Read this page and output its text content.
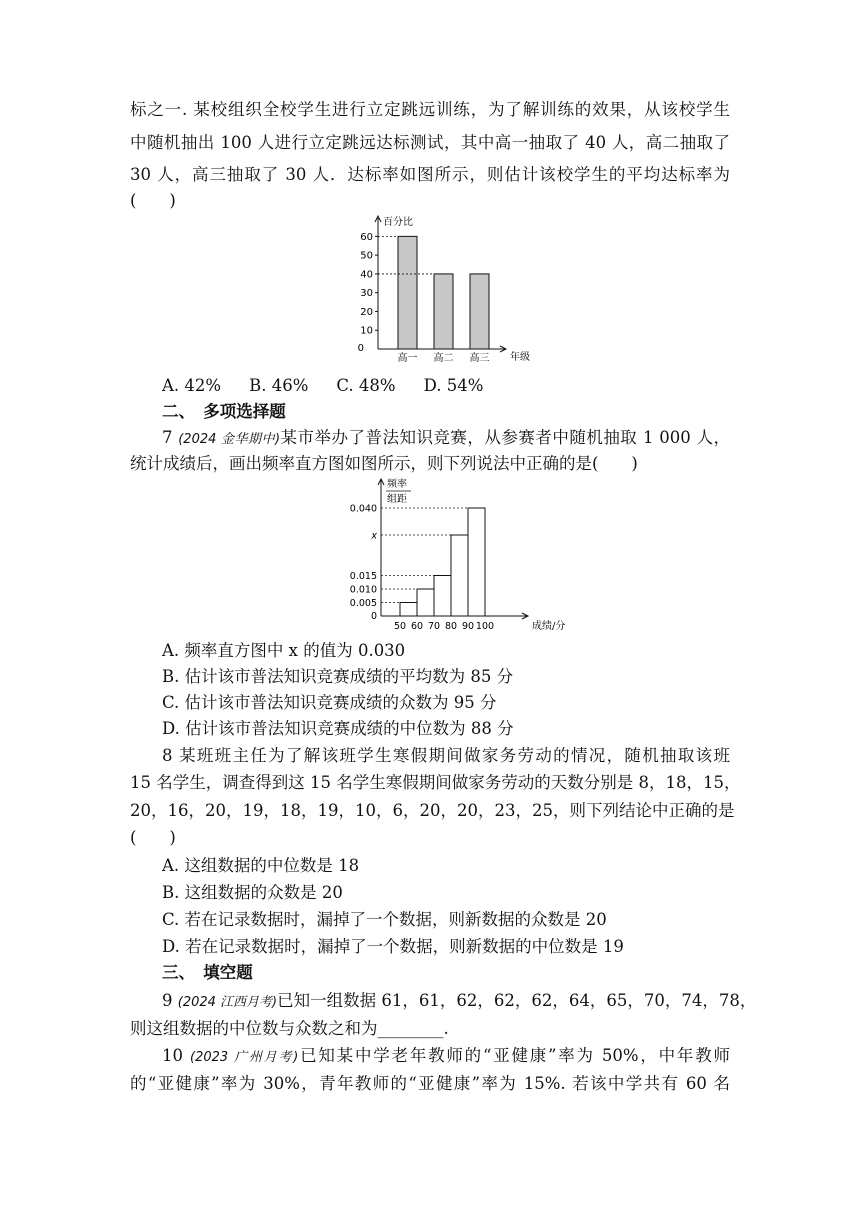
标之一. 某校组织全校学生进行立定跳远训练，为了解训练的效果，从该校学生
中随机抽出 100 人进行立定跳远达标测试，其中高一抽取了 40 人，高二抽取了
30 人，高三抽取了 30 人．达标率如图所示，则估计该校学生的平均达标率为
(　　)
百分比
年级
0
10
20
30
40
50
60
高一 高二 高三
A. 42% B. 46% C. 48% D. 54%
二、　多项选择题
7 (2024 金华期中)某市举办了普法知识竞赛，从参赛者中随机抽取 1 000 人，
统计成绩后，画出频率直方图如图所示，则下列说法中正确的是(　　)
频率
组距
成绩/分
0
0.005
0.010
0.015
x
0.040
50 60 70 80 90 100
A. 频率直方图中 x 的值为 0.030
B. 估计该市普法知识竞赛成绩的平均数为 85 分
C. 估计该市普法知识竞赛成绩的众数为 95 分
D. 估计该市普法知识竞赛成绩的中位数为 88 分
8 某班班主任为了解该班学生寒假期间做家务劳动的情况，随机抽取该班
15 名学生，调查得到这 15 名学生寒假期间做家务劳动的天数分别是 8，18，15，
20，16，20，19，18，19，10，6，20，20，23，25，则下列结论中正确的是
(　　)
A. 这组数据的中位数是 18
B. 这组数据的众数是 20
C. 若在记录数据时，漏掉了一个数据，则新数据的众数是 20
D. 若在记录数据时，漏掉了一个数据，则新数据的中位数是 19
三、　填空题
9 (2024 江西月考)已知一组数据 61，61，62，62，62，64，65，70，74，78，
则这组数据的中位数与众数之和为________.
10 (2023 广州月考)已知某中学老年教师的“亚健康”率为 50%，中年教师
的“亚健康”率为 30%，青年教师的“亚健康”率为 15%. 若该中学共有 60 名
